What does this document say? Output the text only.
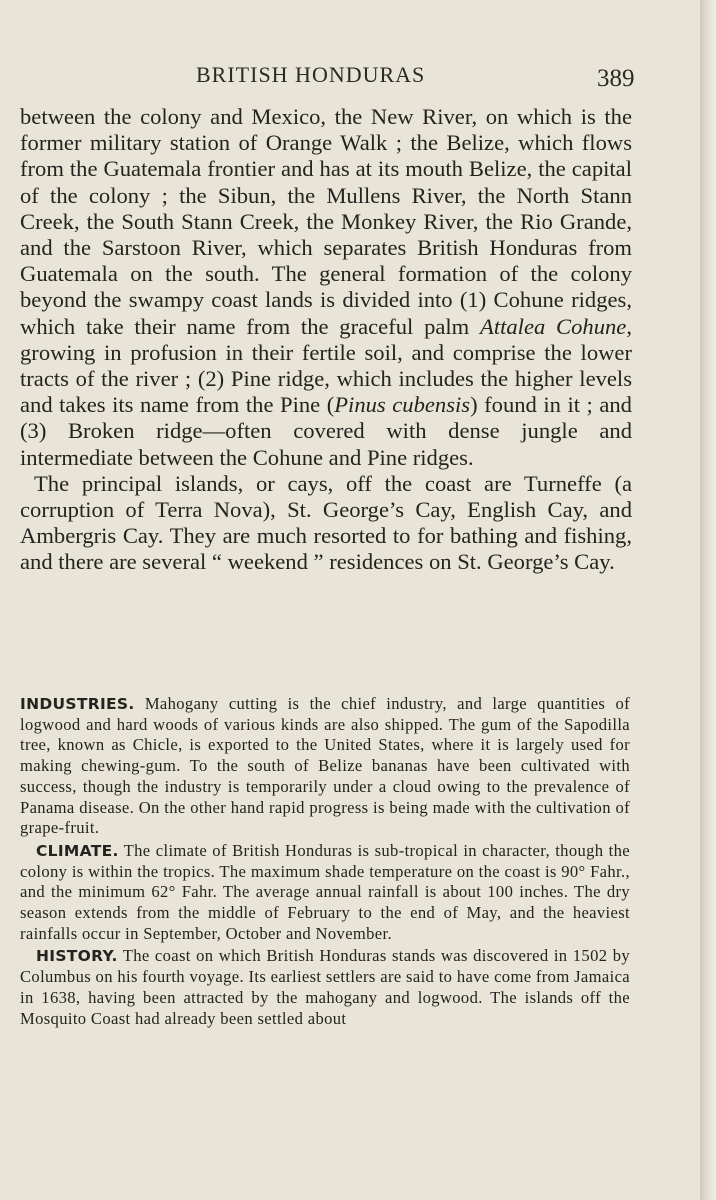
BRITISH HONDURAS	389

between the colony and Mexico, the New River, on which is the former military station of Orange Walk ; the Belize, which flows from the Guatemala frontier and has at its mouth Belize, the capital of the colony ; the Sibun, the Mullens River, the North Stann Creek, the South Stann Creek, the Monkey River, the Rio Grande, and the Sarstoon River, which separates British Honduras from Guatemala on the south. The general formation of the colony beyond the swampy coast lands is divided into (1) Cohune ridges, which take their name from the graceful palm Attalea Cohune, growing in profusion in their fertile soil, and comprise the lower tracts of the river ; (2) Pine ridge, which includes the higher levels and takes its name from the Pine (Pinus cubensis) found in it ; and (3) Broken ridge—often covered with dense jungle and intermediate between the Cohune and Pine ridges.

The principal islands, or cays, off the coast are Turneffe (a corruption of Terra Nova), St. George’s Cay, English Cay, and Ambergris Cay. They are much resorted to for bathing and fishing, and there are several “ weekend ” residences on St. George’s Cay.

INDUSTRIES. Mahogany cutting is the chief industry, and large quantities of logwood and hard woods of various kinds are also shipped. The gum of the Sapodilla tree, known as Chicle, is exported to the United States, where it is largely used for making chewing-gum. To the south of Belize bananas have been cultivated with success, though the industry is temporarily under a cloud owing to the prevalence of Panama disease. On the other hand rapid progress is being made with the cultivation of grape-fruit.

CLIMATE. The climate of British Honduras is sub-tropical in character, though the colony is within the tropics. The maximum shade temperature on the coast is 90° Fahr., and the minimum 62° Fahr. The average annual rainfall is about 100 inches. The dry season extends from the middle of February to the end of May, and the heaviest rainfalls occur in September, October and November.

HISTORY. The coast on which British Honduras stands was discovered in 1502 by Columbus on his fourth voyage. Its earliest settlers are said to have come from Jamaica in 1638, having been attracted by the mahogany and logwood. The islands off the Mosquito Coast had already been settled about
